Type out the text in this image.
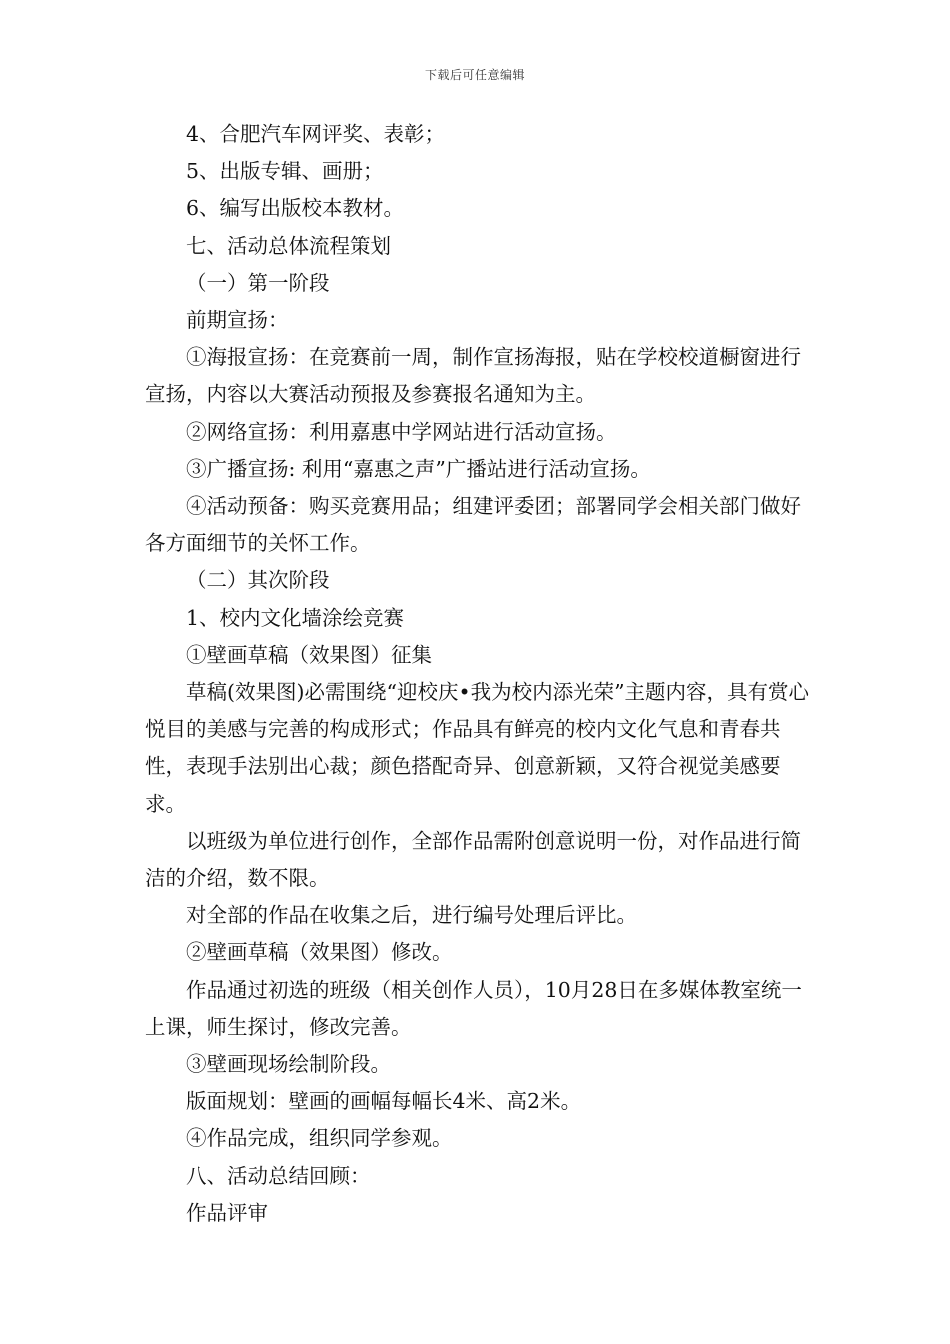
下载后可任意编辑

4、合肥汽车网评奖、表彰；

5、出版专辑、画册；

6、编写出版校本教材。

七、活动总体流程策划

（一）第一阶段

前期宣扬：

①海报宣扬：在竞赛前一周，制作宣扬海报，贴在学校校道橱窗进行宣扬，内容以大赛活动预报及参赛报名通知为主。

②网络宣扬：利用嘉惠中学网站进行活动宣扬。

③广播宣扬: 利用“嘉惠之声”广播站进行活动宣扬。

④活动预备：购买竞赛用品；组建评委团；部署同学会相关部门做好各方面细节的关怀工作。

（二）其次阶段

1、校内文化墙涂绘竞赛

①壁画草稿（效果图）征集

草稿(效果图)必需围绕“迎校庆•我为校内添光荣”主题内容，具有赏心悦目的美感与完善的构成形式；作品具有鲜亮的校内文化气息和青春共性，表现手法别出心裁；颜色搭配奇异、创意新颖，又符合视觉美感要求。

以班级为单位进行创作，全部作品需附创意说明一份，对作品进行简洁的介绍，数不限。

对全部的作品在收集之后，进行编号处理后评比。

②壁画草稿（效果图）修改。

作品通过初选的班级（相关创作人员），10月28日在多媒体教室统一上课，师生探讨，修改完善。

③壁画现场绘制阶段。

版面规划：壁画的画幅每幅长4米、高2米。

④作品完成，组织同学参观。

八、活动总结回顾：

作品评审
